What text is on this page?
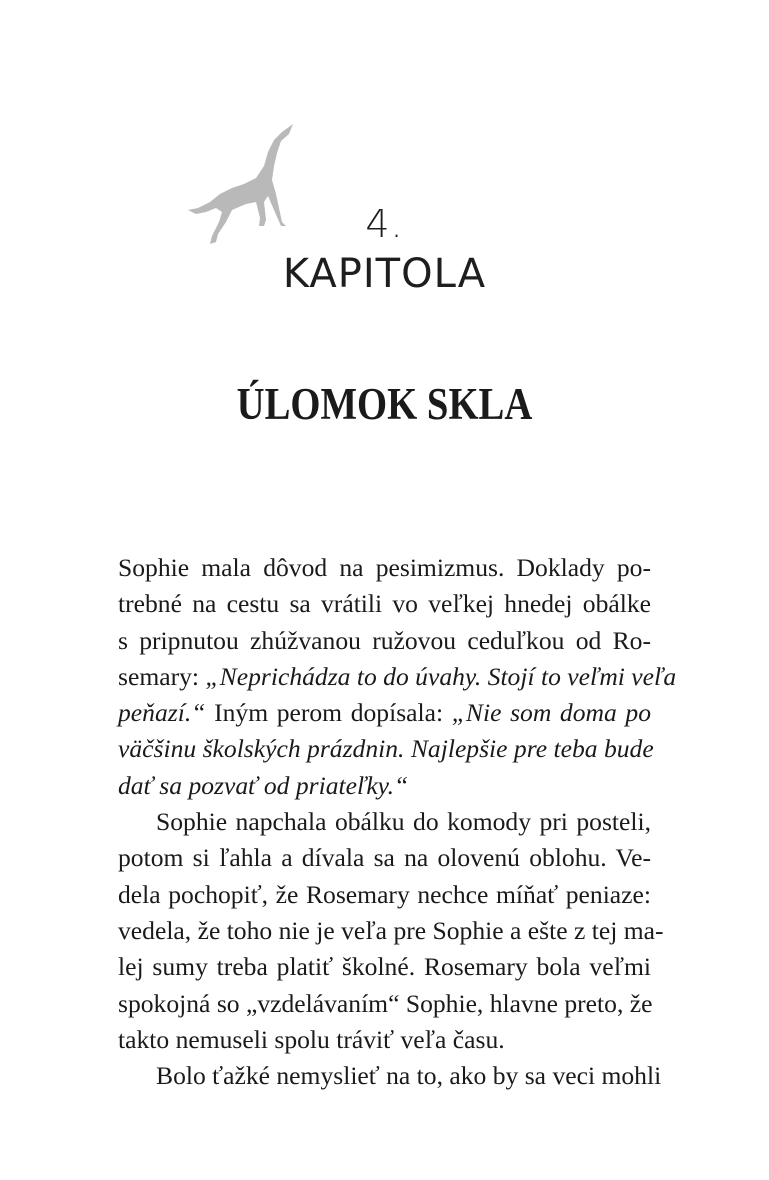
4.
KAPITOLA
ÚLOMOK SKLA
Sophie mala dôvod na pesimizmus. Doklady po-
trebné na cestu sa vrátili vo veľkej hnedej obálke
s pripnutou zhúžvanou ružovou ceduľkou od Ro-
semary: „Neprichádza to do úvahy. Stojí to veľmi veľa
peňazí.“ Iným perom dopísala: „Nie som doma po
väčšinu školských prázdnin. Najlepšie pre teba bude
dať sa pozvať od priateľky.“
Sophie napchala obálku do komody pri posteli,
potom si ľahla a dívala sa na olovenú oblohu. Ve-
dela pochopiť, že Rosemary nechce míňať peniaze:
vedela, že toho nie je veľa pre Sophie a ešte z tej ma-
lej sumy treba platiť školné. Rosemary bola veľmi
spokojná so „vzdelávaním“ Sophie, hlavne preto, že
takto nemuseli spolu tráviť veľa času.
Bolo ťažké nemyslieť na to, ako by sa veci mohli
